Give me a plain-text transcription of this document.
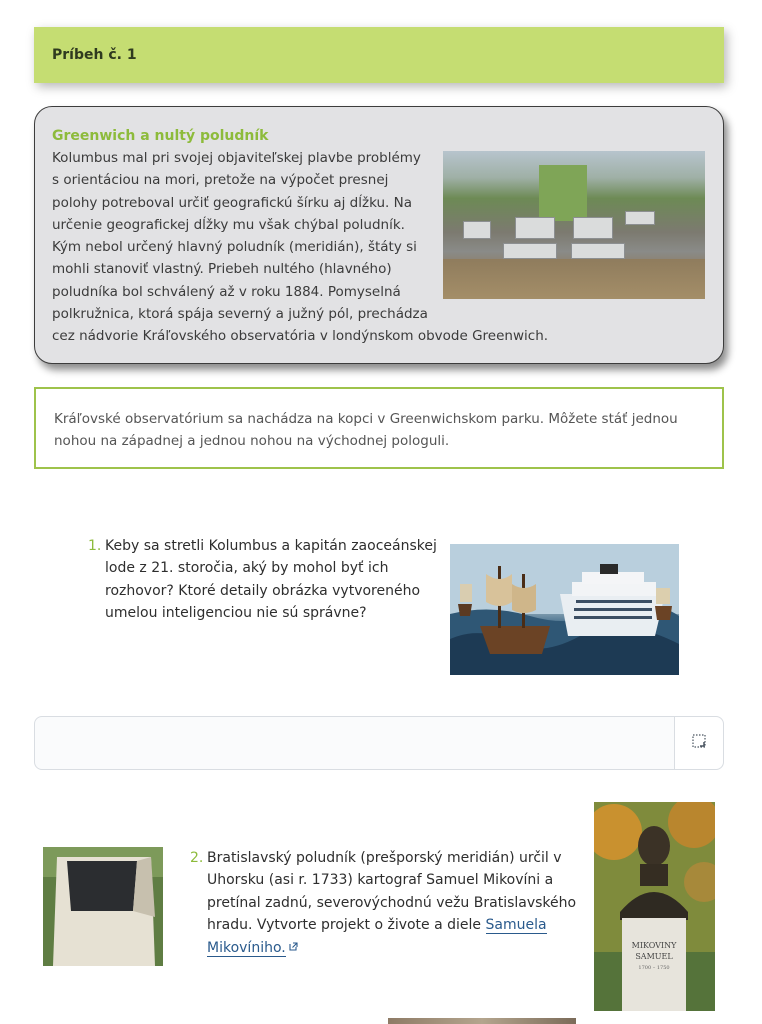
Príbeh č. 1
Greenwich a nultý poludník

Kolumbus mal pri svojej objaviteľskej plavbe problémy s orientáciou na mori, pretože na výpočet presnej polohy potreboval určiť geografickú šírku aj dĺžku. Na určenie geografickej dĺžky mu však chýbal poludník. Kým nebol určený hlavný poludník (meridián), štáty si mohli stanoviť vlastný. Priebeh nultého (hlavného) poludníka bol schválený až v roku 1884. Pomyselná polkružnica, ktorá spája severný a južný pól, prechádza cez nádvorie Kráľovského observatória v londýnskom obvode Greenwich.

Kráľovské observatórium sa nachádza na kopci v Greenwichskom parku. Môžete stáť jednou nohou na západnej a jednou nohou na východnej pologuli.

1. Keby sa stretli Kolumbus a kapitán zaoceánskej lode z 21. storočia, aký by mohol byť ich rozhovor? Ktoré detaily obrázka vytvoreného umelou inteligenciou nie sú správne?
2. Bratislavský poludník (prešporský meridián) určil v Uhorsku (asi r. 1733) kartograf Samuel Mikovíni a pretínal zadnú, severovýchodnú vežu Bratislavského hradu. Vytvorte projekt o živote a diele Samuela Mikovíniho.	MIKOVINY
SAMUEL
1700 – 1750
